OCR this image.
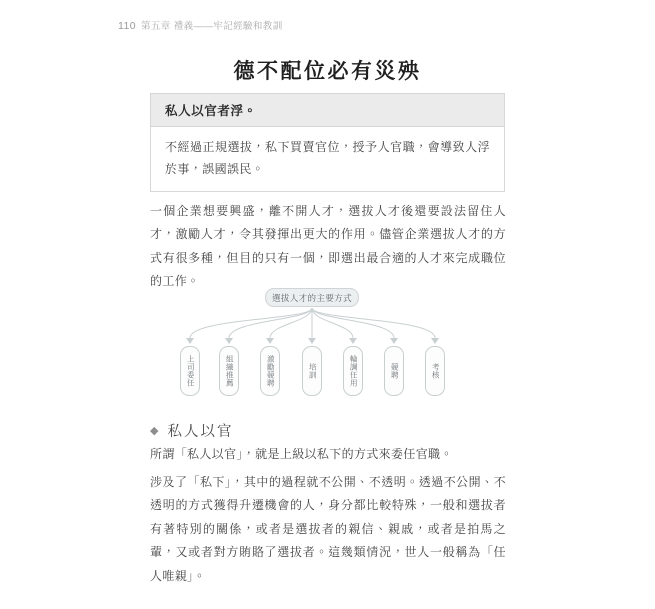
110 第五章 禮義——牢記經驗和教訓
德不配位必有災殃
私人以官者浮。
不經過正規選拔，私下買賣官位，授予人官職，會導致人浮於事，誤國誤民。
一個企業想要興盛，離不開人才，選拔人才後還要設法留住人才，激勵人才，令其發揮出更大的作用。儘管企業選拔人才的方式有很多種，但目的只有一個，即選出最合適的人才來完成職位的工作。
選拔人才的主要方式
上司委任	組織推薦	激勵競聘	培訓	輪調任用	競聘	考核
◆ 私人以官
所謂「私人以官」，就是上級以私下的方式來委任官職。
涉及了「私下」，其中的過程就不公開、不透明。透過不公開、不透明的方式獲得升遷機會的人，身分都比較特殊，一般和選拔者有著特別的關係，或者是選拔者的親信、親戚，或者是拍馬之輩，又或者對方賄賂了選拔者。這幾類情況，世人一般稱為「任人唯親」。
